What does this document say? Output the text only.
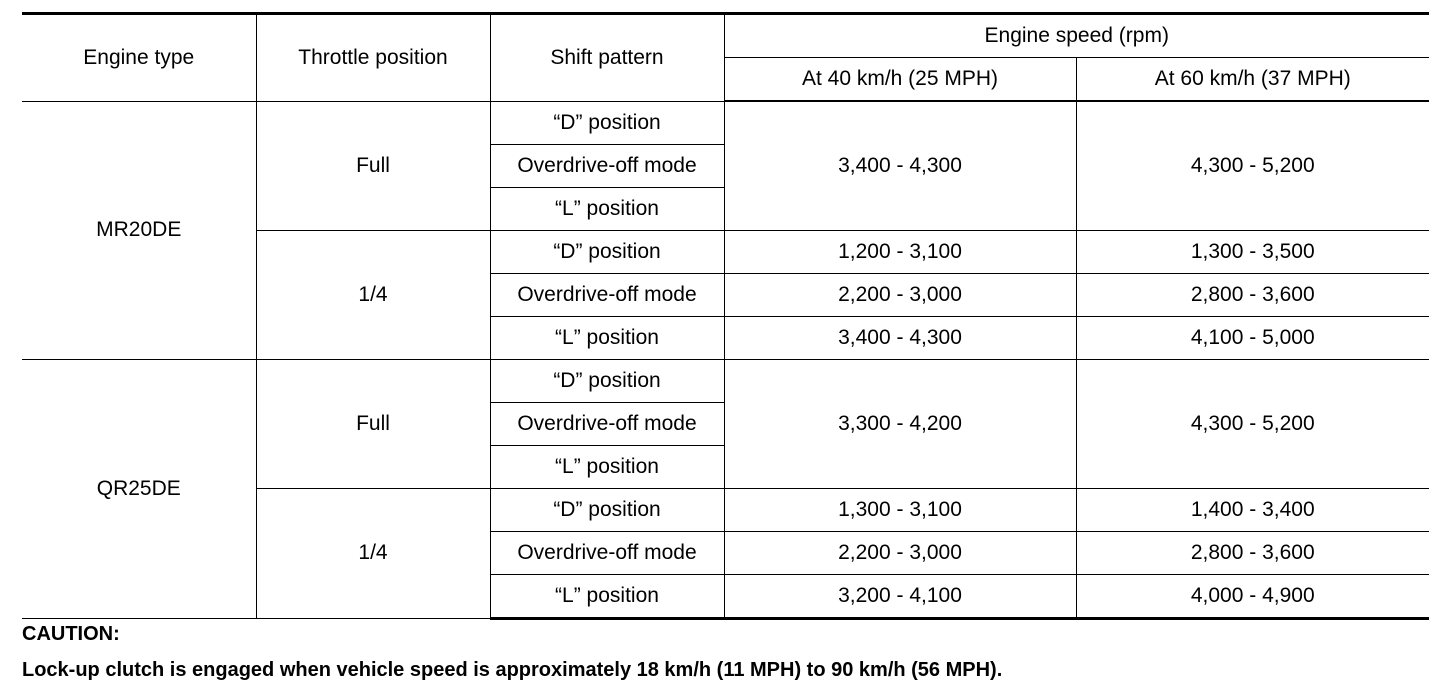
Engine type	Throttle position	Shift pattern	Engine speed (rpm)	
			At 40 km/h (25 MPH)	At 60 km/h (37 MPH)
MR20DE	Full	“D” position	3,400 - 4,300	4,300 - 5,200
		Overdrive-off mode		
		“L” position		
	1/4	“D” position	1,200 - 3,100	1,300 - 3,500
		Overdrive-off mode	2,200 - 3,000	2,800 - 3,600
		“L” position	3,400 - 4,300	4,100 - 5,000
QR25DE	Full	“D” position	3,300 - 4,200	4,300 - 5,200
		Overdrive-off mode		
		“L” position		
	1/4	“D” position	1,300 - 3,100	1,400 - 3,400
		Overdrive-off mode	2,200 - 3,000	2,800 - 3,600
		“L” position	3,200 - 4,100	4,000 - 4,900
CAUTION:
Lock-up clutch is engaged when vehicle speed is approximately 18 km/h (11 MPH) to 90 km/h (56 MPH).
